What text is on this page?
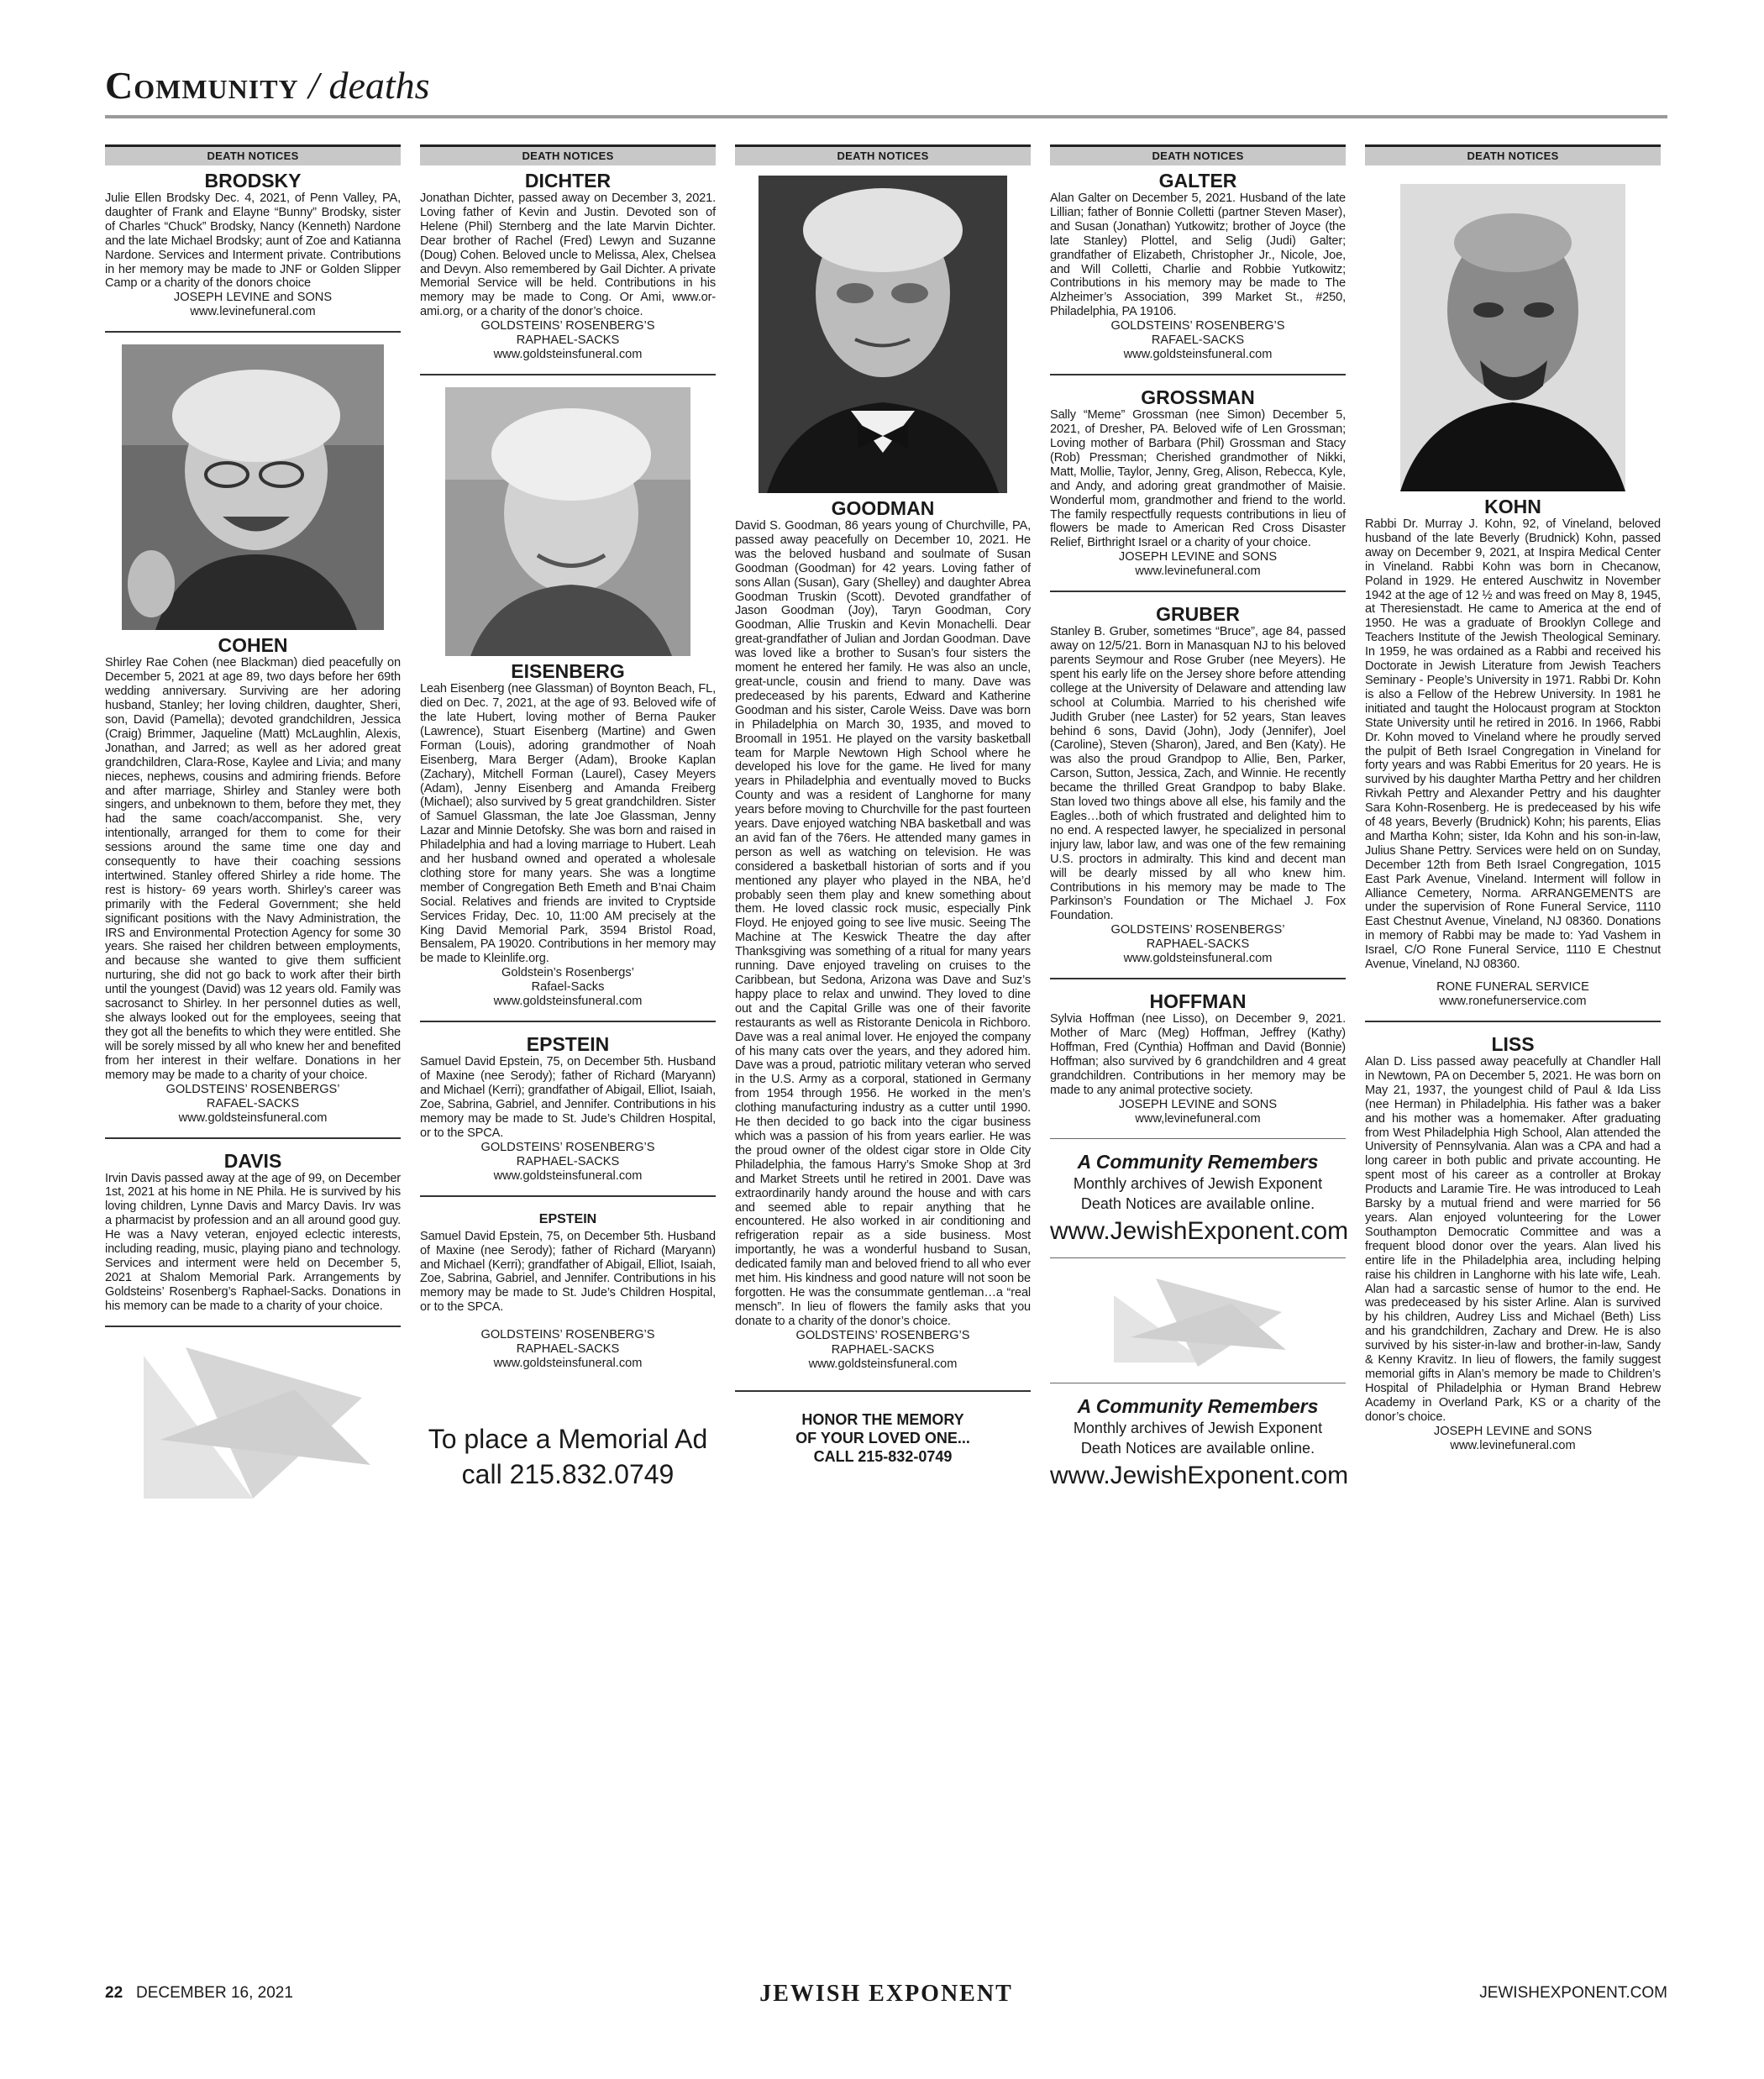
Community / deaths
DEATH NOTICES
BRODSKY
Julie Ellen Brodsky Dec. 4, 2021, of Penn Valley, PA, daughter of Frank and Elayne “Bunny” Brodsky, sister of Charles “Chuck” Brodsky, Nancy (Kenneth) Nardone and the late Michael Brodsky; aunt of Zoe and Katianna Nardone. Services and Interment private. Contributions in her memory may be made to JNF or Golden Slipper Camp or a charity of the donors choice
JOSEPH LEVINE and SONS
www.levinefuneral.com
COHEN
Shirley Rae Cohen (nee Blackman) died peacefully on December 5, 2021 at age 89, two days before her 69th wedding anniversary. Surviving are her adoring husband, Stanley; her loving children, daughter, Sheri, son, David (Pamella); devoted grandchildren, Jessica (Craig) Brimmer, Jaqueline (Matt) McLaughlin, Alexis, Jonathan, and Jarred; as well as her adored great grandchildren, Clara-Rose, Kaylee and Livia; and many nieces, nephews, cousins and admiring friends. Before and after marriage, Shirley and Stanley were both singers, and unbeknown to them, before they met, they had the same coach/accompanist. She, very intentionally, arranged for them to come for their sessions around the same time one day and consequently to have their coaching sessions intertwined. Stanley offered Shirley a ride home. The rest is history- 69 years worth. Shirley’s career was primarily with the Federal Government; she held significant positions with the Navy Administration, the IRS and Environmental Protection Agency for some 30 years. She raised her children between employments, and because she wanted to give them sufficient nurturing, she did not go back to work after their birth until the youngest (David) was 12 years old. Family was sacrosanct to Shirley. In her personnel duties as well, she always looked out for the employees, seeing that they got all the benefits to which they were entitled. She will be sorely missed by all who knew her and benefited from her interest in their welfare. Donations in her memory may be made to a charity of your choice.
GOLDSTEINS’ ROSENBERGS’
RAFAEL-SACKS
www.goldsteinsfuneral.com
DAVIS
Irvin Davis passed away at the age of 99, on December 1st, 2021 at his home in NE Phila. He is survived by his loving children, Lynne Davis and Marcy Davis. Irv was a pharmacist by profession and an all around good guy. He was a Navy veteran, enjoyed eclectic interests, including reading, music, playing piano and technology. Services and interment were held on December 5, 2021 at Shalom Memorial Park. Arrangements by Goldsteins’ Rosenberg’s Raphael-Sacks. Donations in his memory can be made to a charity of your choice.
DEATH NOTICES
DICHTER
Jonathan Dichter, passed away on December 3, 2021. Loving father of Kevin and Justin. Devoted son of Helene (Phil) Sternberg and the late Marvin Dichter. Dear brother of Rachel (Fred) Lewyn and Suzanne (Doug) Cohen. Beloved uncle to Melissa, Alex, Chelsea and Devyn. Also remembered by Gail Dichter. A private Memorial Service will be held. Contributions in his memory may be made to Cong. Or Ami, www.or-ami.org, or a charity of the donor’s choice.
GOLDSTEINS’ ROSENBERG’S
RAPHAEL-SACKS
www.goldsteinsfuneral.com
EISENBERG
Leah Eisenberg (nee Glassman) of Boynton Beach, FL, died on Dec. 7, 2021, at the age of 93. Beloved wife of the late Hubert, loving mother of Berna Pauker (Lawrence), Stuart Eisenberg (Martine) and Gwen Forman (Louis), adoring grandmother of Noah Eisenberg, Mara Berger (Adam), Brooke Kaplan (Zachary), Mitchell Forman (Laurel), Casey Meyers (Adam), Jenny Eisenberg and Amanda Freiberg (Michael); also survived by 5 great grandchildren. Sister of Samuel Glassman, the late Joe Glassman, Jenny Lazar and Minnie Detofsky. She was born and raised in Philadelphia and had a loving marriage to Hubert. Leah and her husband owned and operated a wholesale clothing store for many years. She was a longtime member of Congregation Beth Emeth and B’nai Chaim Social. Relatives and friends are invited to Cryptside Services Friday, Dec. 10, 11:00 AM precisely at the King David Memorial Park, 3594 Bristol Road, Bensalem, PA 19020. Contributions in her memory may be made to Kleinlife.org.
Goldstein’s Rosenbergs’
Rafael-Sacks
www.goldsteinsfuneral.com
EPSTEIN
Samuel David Epstein, 75, on December 5th. Husband of Maxine (nee Serody); father of Richard (Maryann) and Michael (Kerri); grandfather of Abigail, Elliot, Isaiah, Zoe, Sabrina, Gabriel, and Jennifer. Contributions in his memory may be made to St. Jude’s Children Hospital, or to the SPCA.
GOLDSTEINS’ ROSENBERG’S
RAPHAEL-SACKS
www.goldsteinsfuneral.com
EPSTEIN
Samuel David Epstein, 75, on December 5th. Husband of Maxine (nee Serody); father of Richard (Maryann) and Michael (Kerri); grandfather of Abigail, Elliot, Isaiah, Zoe, Sabrina, Gabriel, and Jennifer. Contributions in his memory may be made to St. Jude’s Children Hospital, or to the SPCA.
GOLDSTEINS’ ROSENBERG’S
RAPHAEL-SACKS
www.goldsteinsfuneral.com
To place a Memorial Ad
call 215.832.0749
DEATH NOTICES
GOODMAN
David S. Goodman, 86 years young of Churchville, PA, passed away peacefully on December 10, 2021. He was the beloved husband and soulmate of Susan Goodman (Goodman) for 42 years. Loving father of sons Allan (Susan), Gary (Shelley) and daughter Abrea Goodman Truskin (Scott). Devoted grandfather of Jason Goodman (Joy), Taryn Goodman, Cory Goodman, Allie Truskin and Kevin Monachelli. Dear great-grandfather of Julian and Jordan Goodman. Dave was loved like a brother to Susan’s four sisters the moment he entered her family. He was also an uncle, great-uncle, cousin and friend to many. Dave was predeceased by his parents, Edward and Katherine Goodman and his sister, Carole Weiss. Dave was born in Philadelphia on March 30, 1935, and moved to Broomall in 1951. He played on the varsity basketball team for Marple Newtown High School where he developed his love for the game. He lived for many years in Philadelphia and eventually moved to Bucks County and was a resident of Langhorne for many years before moving to Churchville for the past fourteen years. Dave enjoyed watching NBA basketball and was an avid fan of the 76ers. He attended many games in person as well as watching on television. He was considered a basketball historian of sorts and if you mentioned any player who played in the NBA, he’d probably seen them play and knew something about them. He loved classic rock music, especially Pink Floyd. He enjoyed going to see live music. Seeing The Machine at The Keswick Theatre the day after Thanksgiving was something of a ritual for many years running. Dave enjoyed traveling on cruises to the Caribbean, but Sedona, Arizona was Dave and Suz’s happy place to relax and unwind. They loved to dine out and the Capital Grille was one of their favorite restaurants as well as Ristorante Denicola in Richboro. Dave was a real animal lover. He enjoyed the company of his many cats over the years, and they adored him. Dave was a proud, patriotic military veteran who served in the U.S. Army as a corporal, stationed in Germany from 1954 through 1956. He worked in the men’s clothing manufacturing industry as a cutter until 1990. He then decided to go back into the cigar business which was a passion of his from years earlier. He was the proud owner of the oldest cigar store in Olde City Philadelphia, the famous Harry’s Smoke Shop at 3rd and Market Streets until he retired in 2001. Dave was extraordinarily handy around the house and with cars and seemed able to repair anything that he encountered. He also worked in air conditioning and refrigeration repair as a side business. Most importantly, he was a wonderful husband to Susan, dedicated family man and beloved friend to all who ever met him. His kindness and good nature will not soon be forgotten. He was the consummate gentleman…a “real mensch”. In lieu of flowers the family asks that you donate to a charity of the donor’s choice.
GOLDSTEINS’ ROSENBERG’S
RAPHAEL-SACKS
www.goldsteinsfuneral.com
HONOR THE MEMORY
OF YOUR LOVED ONE...
CALL 215-832-0749
DEATH NOTICES
GALTER
Alan Galter on December 5, 2021. Husband of the late Lillian; father of Bonnie Colletti (partner Steven Maser), and Susan (Jonathan) Yutkowitz; brother of Joyce (the late Stanley) Plottel, and Selig (Judi) Galter; grandfather of Elizabeth, Christopher Jr., Nicole, Joe, and Will Colletti, Charlie and Robbie Yutkowitz; Contributions in his memory may be made to The Alzheimer’s Association, 399 Market St., #250, Philadelphia, PA 19106.
GOLDSTEINS’ ROSENBERG’S
RAFAEL-SACKS
www.goldsteinsfuneral.com
GROSSMAN
Sally “Meme” Grossman (nee Simon) December 5, 2021, of Dresher, PA. Beloved wife of Len Grossman; Loving mother of Barbara (Phil) Grossman and Stacy (Rob) Pressman; Cherished grandmother of Nikki, Matt, Mollie, Taylor, Jenny, Greg, Alison, Rebecca, Kyle, and Andy, and adoring great grandmother of Maisie. Wonderful mom, grandmother and friend to the world. The family respectfully requests contributions in lieu of flowers be made to American Red Cross Disaster Relief, Birthright Israel or a charity of your choice.
JOSEPH LEVINE and SONS
www.levinefuneral.com
GRUBER
Stanley B. Gruber, sometimes “Bruce”, age 84, passed away on 12/5/21. Born in Manasquan NJ to his beloved parents Seymour and Rose Gruber (nee Meyers). He spent his early life on the Jersey shore before attending college at the University of Delaware and attending law school at Columbia. Married to his cherished wife Judith Gruber (nee Laster) for 52 years, Stan leaves behind 6 sons, David (John), Jody (Jennifer), Joel (Caroline), Steven (Sharon), Jared, and Ben (Katy). He was also the proud Grandpop to Allie, Ben, Parker, Carson, Sutton, Jessica, Zach, and Winnie. He recently became the thrilled Great Grandpop to baby Blake. Stan loved two things above all else, his family and the Eagles…both of which frustrated and delighted him to no end. A respected lawyer, he specialized in personal injury law, labor law, and was one of the few remaining U.S. proctors in admiralty. This kind and decent man will be dearly missed by all who knew him. Contributions in his memory may be made to The Parkinson’s Foundation or The Michael J. Fox Foundation.
GOLDSTEINS’ ROSENBERGS’
RAPHAEL-SACKS
www.goldsteinsfuneral.com
HOFFMAN
Sylvia Hoffman (nee Lisso), on December 9, 2021. Mother of Marc (Meg) Hoffman, Jeffrey (Kathy) Hoffman, Fred (Cynthia) Hoffman and David (Bonnie) Hoffman; also survived by 6 grandchildren and 4 great grandchildren. Contributions in her memory may be made to any animal protective society.
JOSEPH LEVINE and SONS
www,levinefuneral.com
A Community Remembers
Monthly archives of Jewish Exponent
Death Notices are available online.
www.JewishExponent.com
A Community Remembers
Monthly archives of Jewish Exponent
Death Notices are available online.
www.JewishExponent.com
DEATH NOTICES
KOHN
Rabbi Dr. Murray J. Kohn, 92, of Vineland, beloved husband of the late Beverly (Brudnick) Kohn, passed away on December 9, 2021, at Inspira Medical Center in Vineland. Rabbi Kohn was born in Checanow, Poland in 1929. He entered Auschwitz in November 1942 at the age of 12 ½ and was freed on May 8, 1945, at Theresienstadt. He came to America at the end of 1950. He was a graduate of Brooklyn College and Teachers Institute of the Jewish Theological Seminary. In 1959, he was ordained as a Rabbi and received his Doctorate in Jewish Literature from Jewish Teachers Seminary - People’s University in 1971. Rabbi Dr. Kohn is also a Fellow of the Hebrew University. In 1981 he initiated and taught the Holocaust program at Stockton State University until he retired in 2016. In 1966, Rabbi Dr. Kohn moved to Vineland where he proudly served the pulpit of Beth Israel Congregation in Vineland for forty years and was Rabbi Emeritus for 20 years. He is survived by his daughter Martha Pettry and her children Rivkah Pettry and Alexander Pettry and his daughter Sara Kohn-Rosenberg. He is predeceased by his wife of 48 years, Beverly (Brudnick) Kohn; his parents, Elias and Martha Kohn; sister, Ida Kohn and his son-in-law, Julius Shane Pettry. Services were held on on Sunday, December 12th from Beth Israel Congregation, 1015 East Park Avenue, Vineland. Interment will follow in Alliance Cemetery, Norma. ARRANGEMENTS are under the supervision of Rone Funeral Service, 1110 East Chestnut Avenue, Vineland, NJ 08360. Donations in memory of Rabbi may be made to: Yad Vashem in Israel, C/O Rone Funeral Service, 1110 E Chestnut Avenue, Vineland, NJ 08360.
RONE FUNERAL SERVICE
www.ronefunerservice.com
LISS
Alan D. Liss passed away peacefully at Chandler Hall in Newtown, PA on December 5, 2021. He was born on May 21, 1937, the youngest child of Paul & Ida Liss (nee Herman) in Philadelphia. His father was a baker and his mother was a homemaker. After graduating from West Philadelphia High School, Alan attended the University of Pennsylvania. Alan was a CPA and had a long career in both public and private accounting. He spent most of his career as a controller at Brokay Products and Laramie Tire. He was introduced to Leah Barsky by a mutual friend and were married for 56 years. Alan enjoyed volunteering for the Lower Southampton Democratic Committee and was a frequent blood donor over the years. Alan lived his entire life in the Philadelphia area, including helping raise his children in Langhorne with his late wife, Leah. Alan had a sarcastic sense of humor to the end. He was predeceased by his sister Arline. Alan is survived by his children, Audrey Liss and Michael (Beth) Liss and his grandchildren, Zachary and Drew. He is also survived by his sister-in-law and brother-in-law, Sandy & Kenny Kravitz. In lieu of flowers, the family suggest memorial gifts in Alan’s memory be made to Children’s Hospital of Philadelphia or Hyman Brand Hebrew Academy in Overland Park, KS or a charity of the donor’s choice.
JOSEPH LEVINE and SONS
www.levinefuneral.com
22 DECEMBER 16, 2021	JEWISH EXPONENT	JEWISHEXPONENT.COM
